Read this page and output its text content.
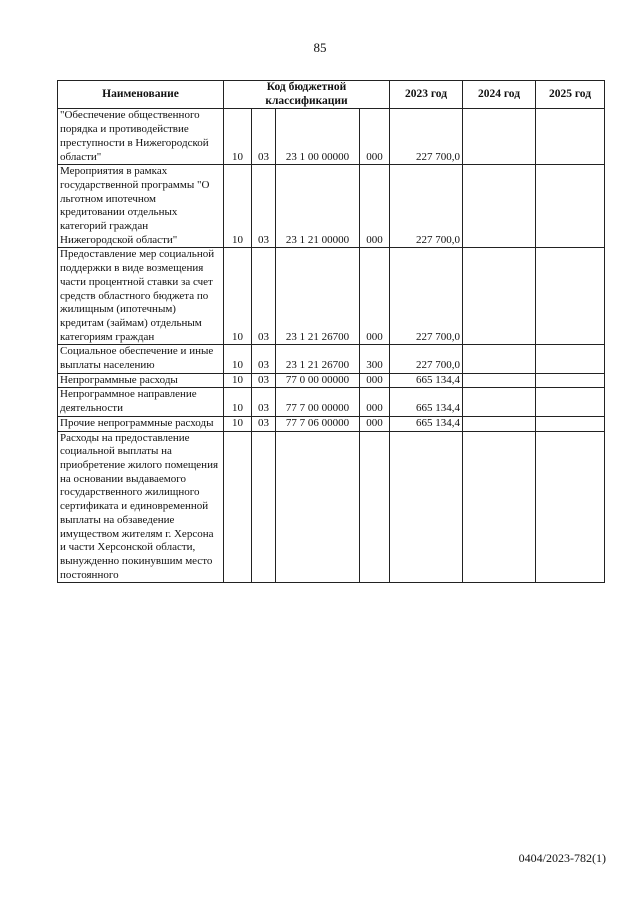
85
Наименование	Код бюджетной классификации				2023 год	2024 год	2025 год

"Обеспечение общественного порядка и противодействие преступности в Нижегородской области"	10	03	23 1 00 00000	000	227 700,0		

Мероприятия в рамках государственной программы "О льготном ипотечном кредитовании отдельных категорий граждан Нижегородской области"	10	03	23 1 21 00000	000	227 700,0		

Предоставление мер социальной поддержки в виде возмещения части процентной ставки за счет средств областного бюджета по жилищным (ипотечным) кредитам (займам) отдельным категориям граждан	10	03	23 1 21 26700	000	227 700,0		

Социальное обеспечение и иные выплаты населению	10	03	23 1 21 26700	300	227 700,0		

Непрограммные расходы	10	03	77 0 00 00000	000	665 134,4		

Непрограммное направление деятельности	10	03	77 7 00 00000	000	665 134,4		

Прочие непрограммные расходы	10	03	77 7 06 00000	000	665 134,4		

Расходы на предоставление социальной выплаты на приобретение жилого помещения на основании выдаваемого государственного жилищного сертификата и единовременной выплаты на обзаведение имуществом жителям г. Херсона и части Херсонской области, вынужденно покинувшим место постоянного							

0404/2023-782(1)
